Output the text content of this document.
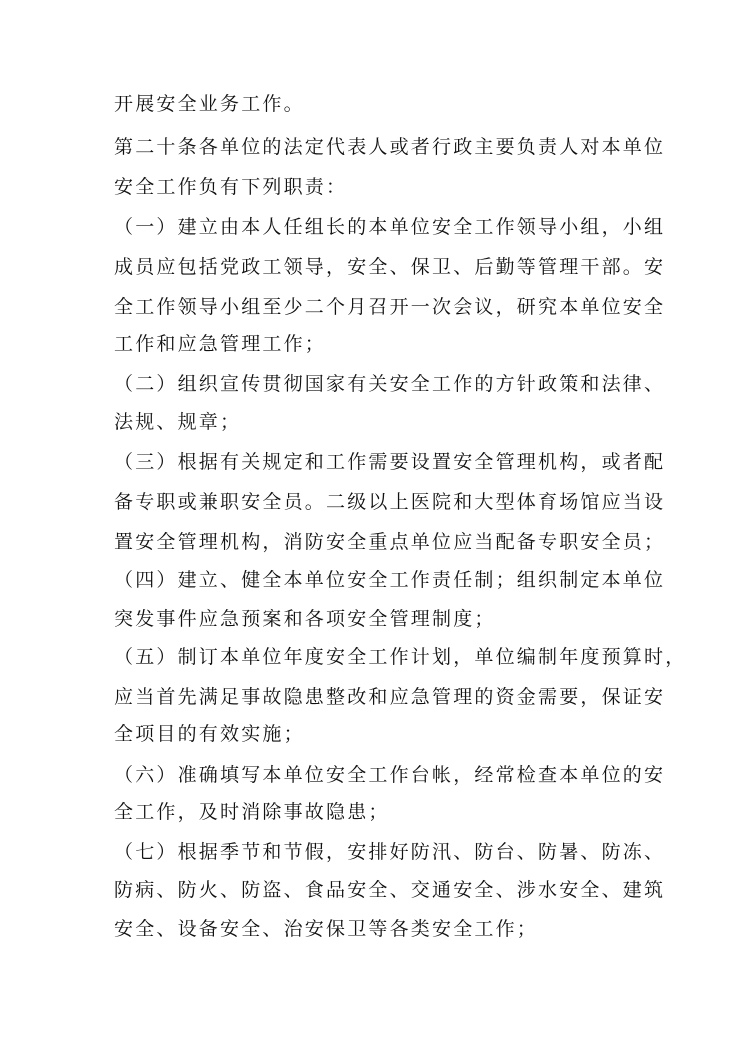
开展安全业务工作。
第二十条各单位的法定代表人或者行政主要负责人对本单位
安全工作负有下列职责：
（一）建立由本人任组长的本单位安全工作领导小组，小组
成员应包括党政工领导，安全、保卫、后勤等管理干部。安
全工作领导小组至少二个月召开一次会议，研究本单位安全
工作和应急管理工作；
（二）组织宣传贯彻国家有关安全工作的方针政策和法律、
法规、规章；
（三）根据有关规定和工作需要设置安全管理机构，或者配
备专职或兼职安全员。二级以上医院和大型体育场馆应当设
置安全管理机构，消防安全重点单位应当配备专职安全员；
（四）建立、健全本单位安全工作责任制；组织制定本单位
突发事件应急预案和各项安全管理制度；
（五）制订本单位年度安全工作计划，单位编制年度预算时，
应当首先满足事故隐患整改和应急管理的资金需要，保证安
全项目的有效实施；
（六）准确填写本单位安全工作台帐，经常检查本单位的安
全工作，及时消除事故隐患；
（七）根据季节和节假，安排好防汛、防台、防暑、防冻、
防病、防火、防盗、食品安全、交通安全、涉水安全、建筑
安全、设备安全、治安保卫等各类安全工作；
